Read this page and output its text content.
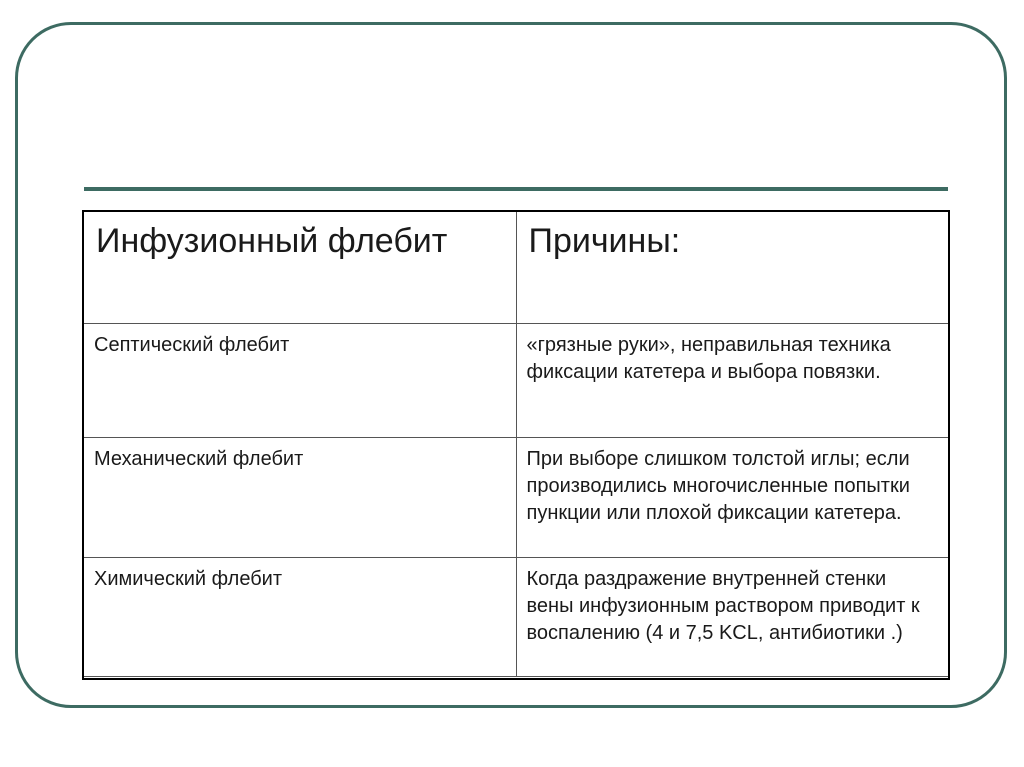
Инфузионный флебит	Причины:
Септический флебит	«грязные руки», неправильная техника фиксации катетера и выбора повязки.
Механический флебит	При выборе слишком толстой иглы; если производились многочисленные попытки пункции или плохой фиксации катетера.
Химический флебит	Когда раздражение внутренней стенки вены инфузионным раствором приводит к воспалению (4 и 7,5 KCL, антибиотики .)
